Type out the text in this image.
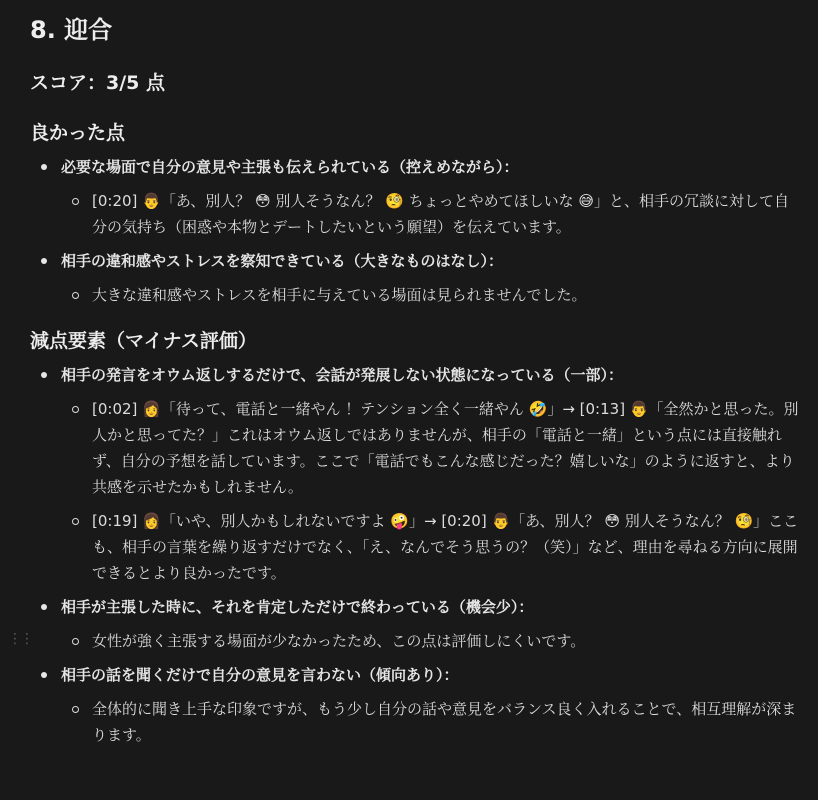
8. 迎合
スコア：3/5 点
良かった点
必要な場面で自分の意見や主張も伝えられている（控えめながら）：
[0:20] 👨「あ、別人？ 😳 別人そうなん？ 🧐 ちょっとやめてほしいな 😅」と、相手の冗談に対して自分の気持ち（困惑や本物とデートしたいという願望）を伝えています。
相手の違和感やストレスを察知できている（大きなものはなし）：
大きな違和感やストレスを相手に与えている場面は見られませんでした。
減点要素（マイナス評価）
相手の発言をオウム返しするだけで、会話が発展しない状態になっている（一部）：
[0:02] 👩「待って、電話と一緒やん ！テンション全く一緒やん 🤣」→ [0:13] 👨「全然かと思った。別人かと思ってた？」これはオウム返しではありませんが、相手の「電話と一緒」という点には直接触れず、自分の予想を話しています。ここで「電話でもこんな感じだった？嬉しいな」のように返すと、より共感を示せたかもしれません。
[0:19] 👩「いや、別人かもしれないですよ 🤪」→ [0:20] 👨「あ、別人？ 😳 別人そうなん？ 🧐」ここも、相手の言葉を繰り返すだけでなく、「え、なんでそう思うの？（笑）」など、理由を尋ねる方向に展開できるとより良かったです。
相手が主張した時に、それを肯定しただけで終わっている（機会少）：
女性が強く主張する場面が少なかったため、この点は評価しにくいです。
相手の話を聞くだけで自分の意見を言わない（傾向あり）：
全体的に聞き上手な印象ですが、もう少し自分の話や意見をバランス良く入れることで、相互理解が深まります。
⋮⋮
